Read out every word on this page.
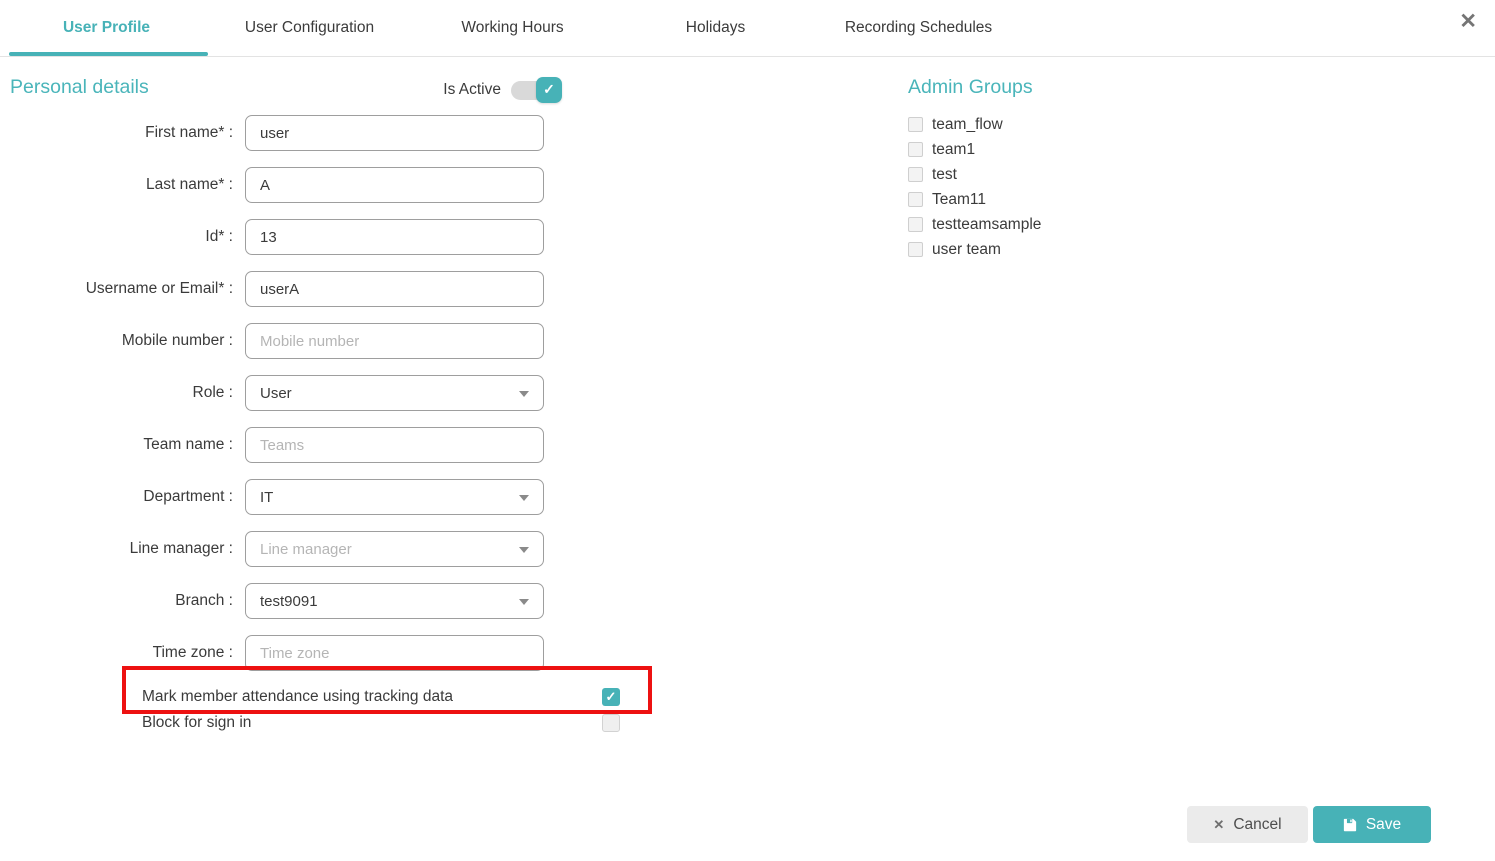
User Profile	User Configuration	Working Hours	Holidays	Recording Schedules	✕
Personal details	Admin Groups
Is Active	✓
First name* :
user
Last name* :
A
Id* :
13
Username or Email* :
userA
Mobile number :
Mobile number
Role :	User
Team name :
Teams
Department :	IT
Line manager :	Line manager
Branch :	test9091
Time zone :
Time zone
Mark member attendance using tracking data	✓
Block for sign in
team_flow
team1
test
Team11
testteamsample
user team
✕ Cancel	Save
